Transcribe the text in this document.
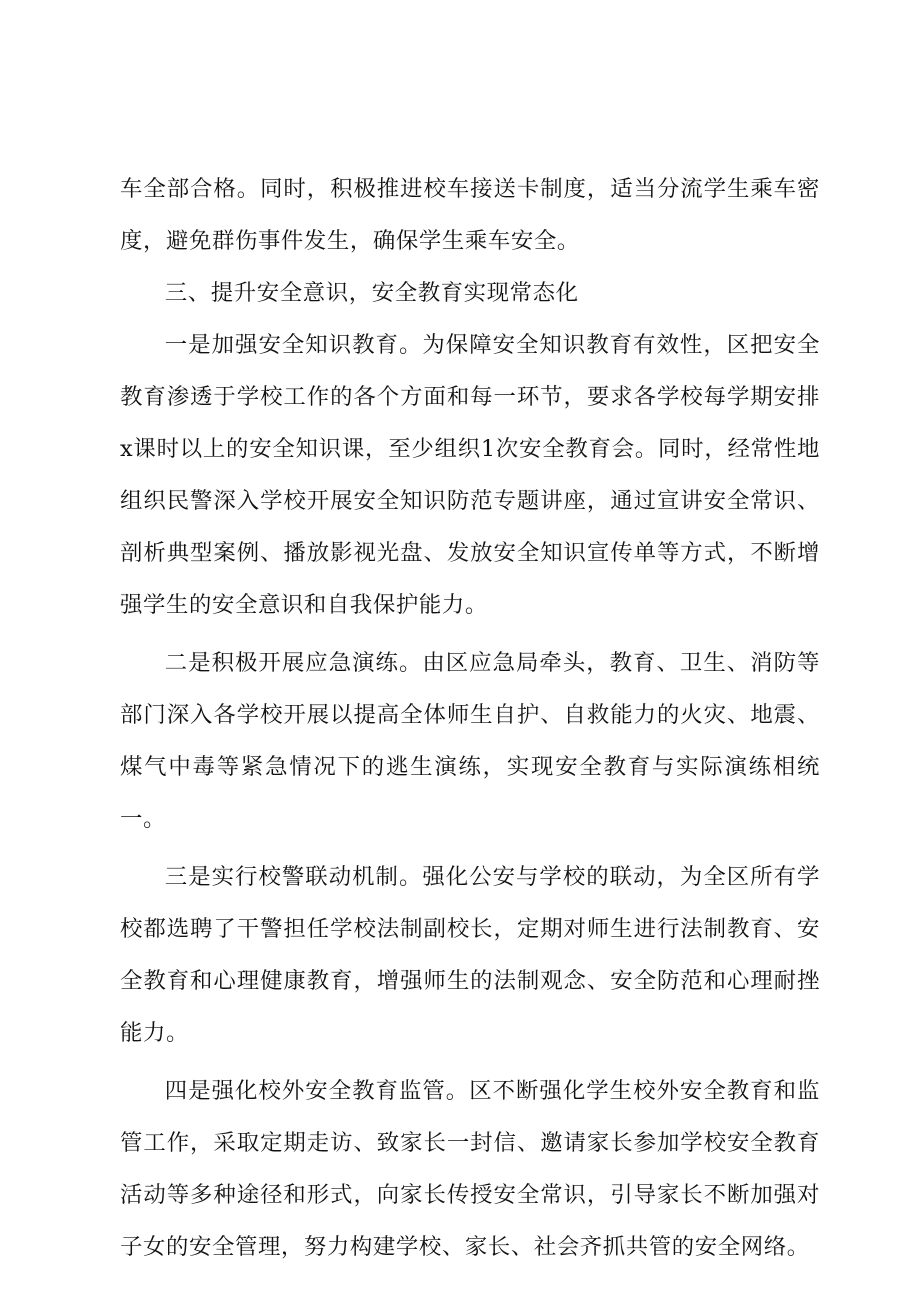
车全部合格。同时，积极推进校车接送卡制度，适当分流学生乘车密度，避免群伤事件发生，确保学生乘车安全。

三、提升安全意识，安全教育实现常态化

一是加强安全知识教育。为保障安全知识教育有效性，区把安全教育渗透于学校工作的各个方面和每一环节，要求各学校每学期安排x课时以上的安全知识课，至少组织1次安全教育会。同时，经常性地组织民警深入学校开展安全知识防范专题讲座，通过宣讲安全常识、剖析典型案例、播放影视光盘、发放安全知识宣传单等方式，不断增强学生的安全意识和自我保护能力。

二是积极开展应急演练。由区应急局牵头，教育、卫生、消防等部门深入各学校开展以提高全体师生自护、自救能力的火灾、地震、煤气中毒等紧急情况下的逃生演练，实现安全教育与实际演练相统一。

三是实行校警联动机制。强化公安与学校的联动，为全区所有学校都选聘了干警担任学校法制副校长，定期对师生进行法制教育、安全教育和心理健康教育，增强师生的法制观念、安全防范和心理耐挫能力。

四是强化校外安全教育监管。区不断强化学生校外安全教育和监管工作，采取定期走访、致家长一封信、邀请家长参加学校安全教育活动等多种途径和形式，向家长传授安全常识，引导家长不断加强对子女的安全管理，努力构建学校、家长、社会齐抓共管的安全网络。
